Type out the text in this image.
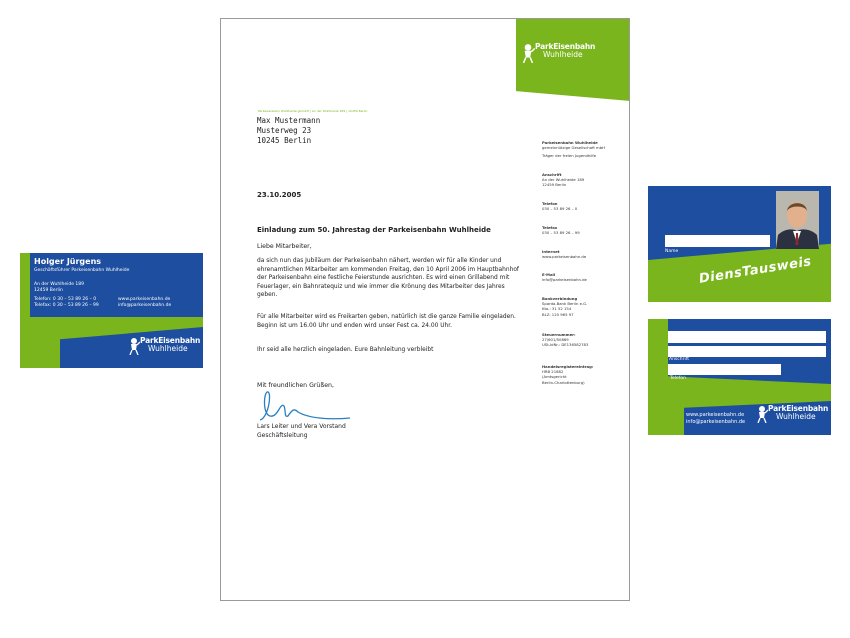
Holger Jürgens
Geschäftsführer Parkeisenbahn Wuhlheide
An der Wuhlheide 189
12459 Berlin
Telefon: 0 30 – 53 89 26 – 0
Telefax: 0 30 – 53 89 26 – 99
www.parkeisenbahn.de
info@parkeisenbahn.de
ParkEisenbahn
Wuhlheide
ParkEisenbahn
Wuhlheide
Parkeisenbahn Wuhlheide gGmbH | An der Wuhlheide 189 | 12459 Berlin
Max Mustermann
Musterweg 23
10245 Berlin
23.10.2005
Einladung zum 50. Jahrestag der Parkeisenbahn Wuhlheide
Liebe Mitarbeiter,
da sich nun das Jubiläum der Parkeisenbahn nähert, werden wir für alle Kinder und ehrenamtlichen Mitarbeiter am kommenden Freitag, den 10 April 2006 im Hauptbahnhof der Parkeisenbahn eine festliche Feierstunde ausrichten. Es wird einen Grillabend mit Feuerlager, ein Bahnratequiz und wie immer die Krönung des Mitarbeiter des Jahres geben.
Für alle Mitarbeiter wird es Freikarten geben, natürlich ist die ganze Familie eingeladen. Beginn ist um 16.00 Uhr und enden wird unser Fest ca. 24.00 Uhr.
Ihr seid alle herzlich eingeladen. Eure Bahnleitung verbleibt
Mit freundlichen Grüßen,
Lars Leiter und Vera Vorstand
Geschäftsleitung
Parkeisenbahn Wuhlheide
gemeinnützige Gesellschaft mbH
Träger der freien Jugendhilfe
Anschrift
An der Wuhlheide 189
12459 Berlin
Telefon
030 – 53 89 26 – 0
Telefax
030 – 53 89 26 – 99
Internet
www.parkeisenbahn.de
E-Mail
info@parkeisenbahn.de
Bankverbindung
Sparda-Bank Berlin e.G.
Kto.: 31 52 154
BLZ: 120 965 97
Steuernummer:
27/601/50869
USt-IdNr.: DE136582783
Handelsregistereintrag:
HRB 21682
(Amtsgericht
Berlin-Charlottenburg)
Name
DiensTausweis
Anschrift
Telefon
www.parkeisenbahn.de
info@parkeisenbahn.de
ParkEisenbahn
Wuhlheide
